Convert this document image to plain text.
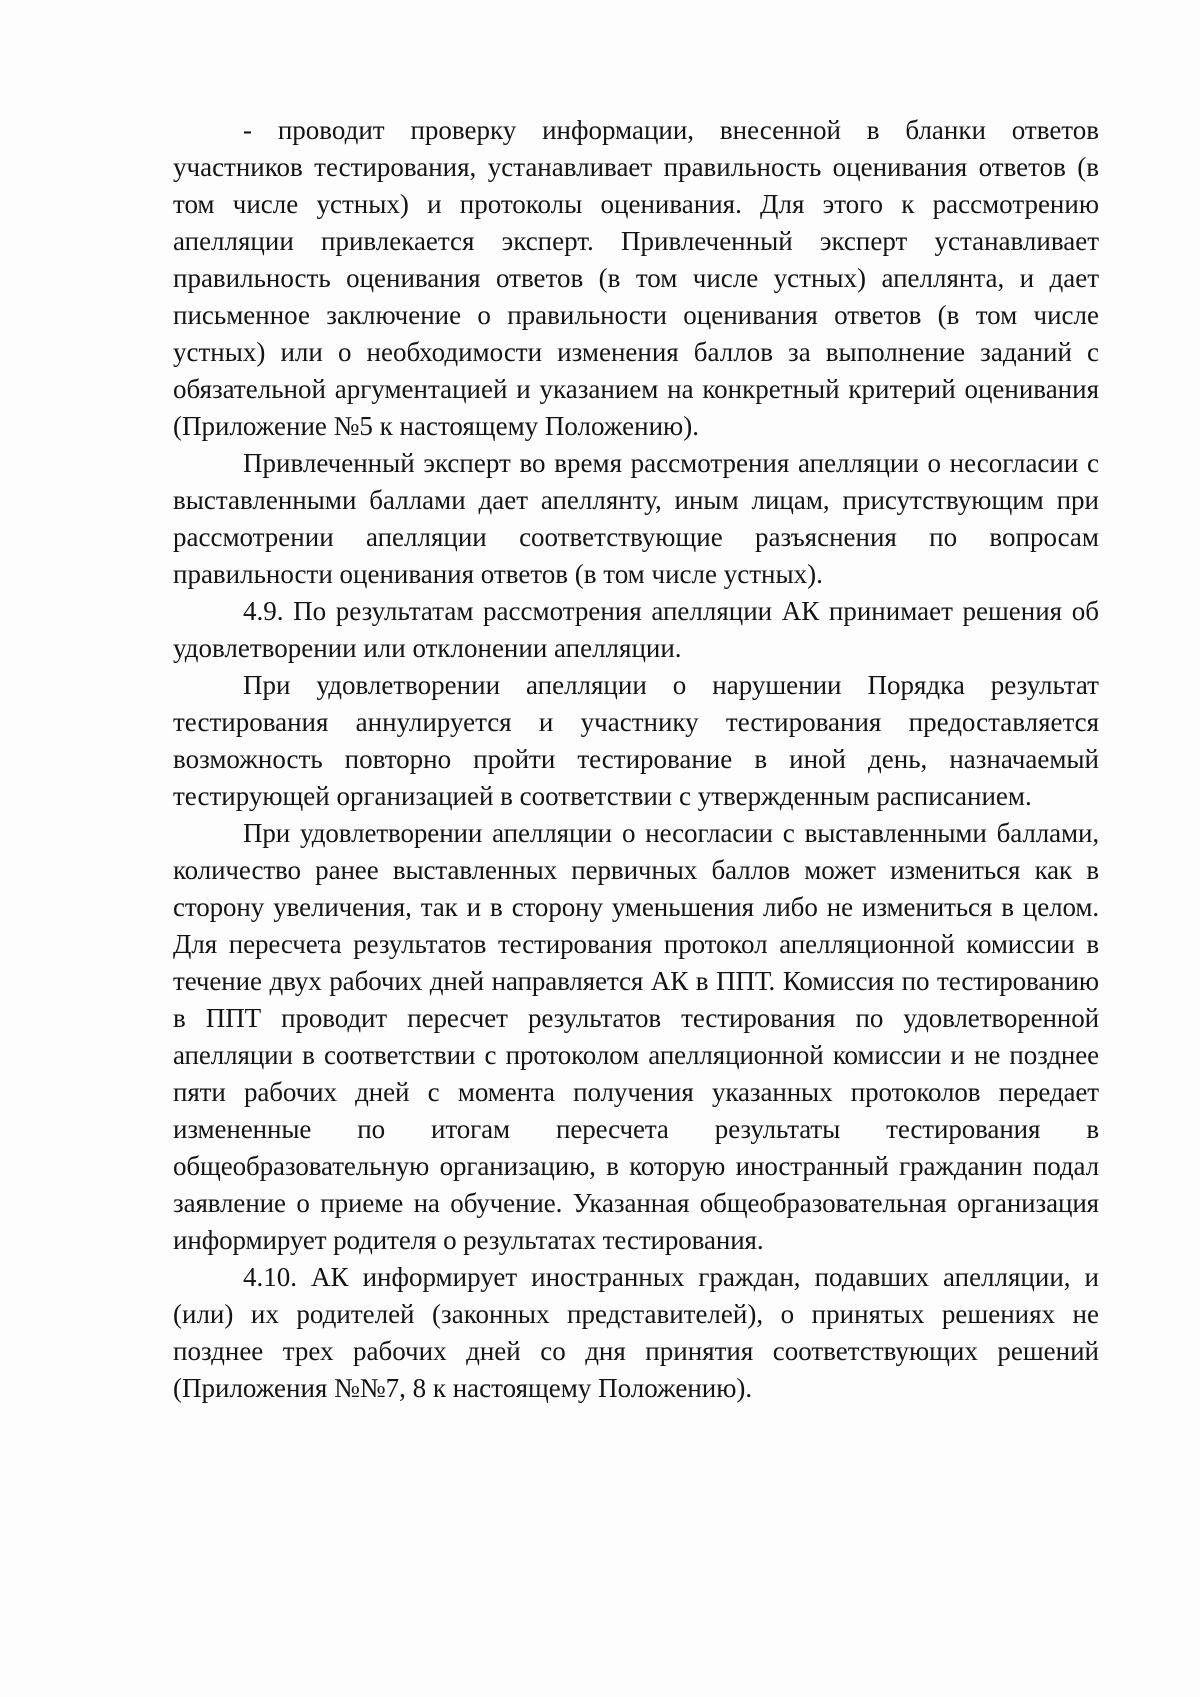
- проводит проверку информации, внесенной в бланки ответов участников тестирования, устанавливает правильность оценивания ответов (в том числе устных) и протоколы оценивания. Для этого к рассмотрению апелляции привлекается эксперт. Привлеченный эксперт устанавливает правильность оценивания ответов (в том числе устных) апеллянта, и дает письменное заключение о правильности оценивания ответов (в том числе устных) или о необходимости изменения баллов за выполнение заданий с обязательной аргументацией и указанием на конкретный критерий оценивания (Приложение №5 к настоящему Положению).

Привлеченный эксперт во время рассмотрения апелляции о несогласии с выставленными баллами дает апеллянту, иным лицам, присутствующим при рассмотрении апелляции соответствующие разъяснения по вопросам правильности оценивания ответов (в том числе устных).

4.9. По результатам рассмотрения апелляции АК принимает решения об удовлетворении или отклонении апелляции.

При удовлетворении апелляции о нарушении Порядка результат тестирования аннулируется и участнику тестирования предоставляется возможность повторно пройти тестирование в иной день, назначаемый тестирующей организацией в соответствии с утвержденным расписанием.

При удовлетворении апелляции о несогласии с выставленными баллами, количество ранее выставленных первичных баллов может измениться как в сторону увеличения, так и в сторону уменьшения либо не измениться в целом. Для пересчета результатов тестирования протокол апелляционной комиссии в течение двух рабочих дней направляется АК в ППТ. Комиссия по тестированию в ППТ проводит пересчет результатов тестирования по удовлетворенной апелляции в соответствии с протоколом апелляционной комиссии и не позднее пяти рабочих дней с момента получения указанных протоколов передает измененные по итогам пересчета результаты тестирования в общеобразовательную организацию, в которую иностранный гражданин подал заявление о приеме на обучение. Указанная общеобразовательная организация информирует родителя о результатах тестирования.

4.10. АК информирует иностранных граждан, подавших апелляции, и (или) их родителей (законных представителей), о принятых решениях не позднее трех рабочих дней со дня принятия соответствующих решений (Приложения №№7, 8 к настоящему Положению).
